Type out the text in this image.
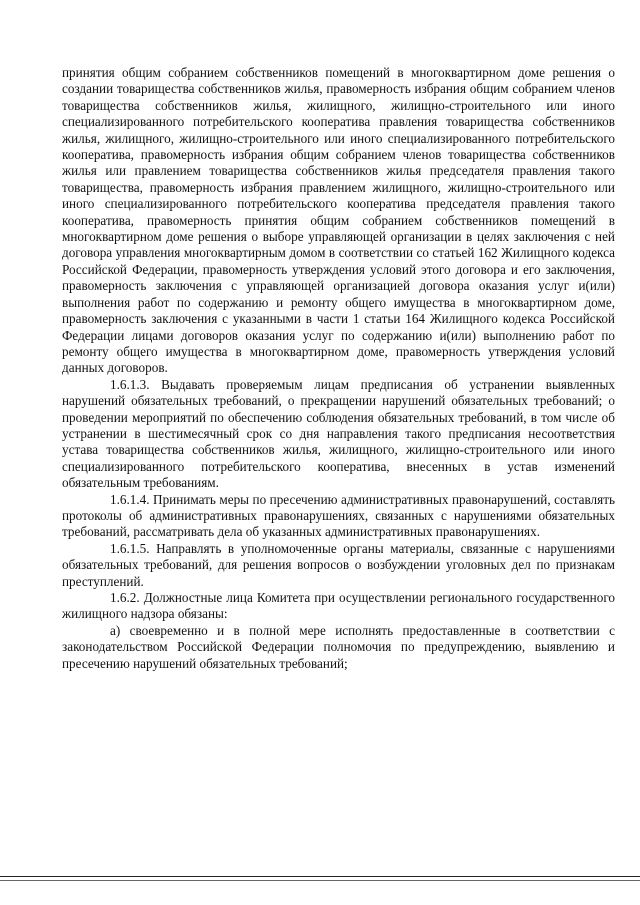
принятия общим собранием собственников помещений в многоквартирном доме решения о создании товарищества собственников жилья, правомерность избрания общим собранием членов товарищества собственников жилья, жилищного, жилищно-строительного или иного специализированного потребительского кооператива правления товарищества собственников жилья, жилищного, жилищно-строительного или иного специализированного потребительского кооператива, правомерность избрания общим собранием членов товарищества собственников жилья или правлением товарищества собственников жилья председателя правления такого товарищества, правомерность избрания правлением жилищного, жилищно-строительного или иного специализированного потребительского кооператива председателя правления такого кооператива, правомерность принятия общим собранием собственников помещений в многоквартирном доме решения о выборе управляющей организации в целях заключения с ней договора управления многоквартирным домом в соответствии со статьей 162 Жилищного кодекса Российской Федерации, правомерность утверждения условий этого договора и его заключения, правомерность заключения с управляющей организацией договора оказания услуг и(или) выполнения работ по содержанию и ремонту общего имущества в многоквартирном доме, правомерность заключения с указанными в части 1 статьи 164 Жилищного кодекса Российской Федерации лицами договоров оказания услуг по содержанию и(или) выполнению работ по ремонту общего имущества в многоквартирном доме, правомерность утверждения условий данных договоров.

1.6.1.3. Выдавать проверяемым лицам предписания об устранении выявленных нарушений обязательных требований, о прекращении нарушений обязательных требований; о проведении мероприятий по обеспечению соблюдения обязательных требований, в том числе об устранении в шестимесячный срок со дня направления такого предписания несоответствия устава товарищества собственников жилья, жилищного, жилищно-строительного или иного специализированного потребительского кооператива, внесенных в устав изменений обязательным требованиям.

1.6.1.4. Принимать меры по пресечению административных правонарушений, составлять протоколы об административных правонарушениях, связанных с нарушениями обязательных требований, рассматривать дела об указанных административных правонарушениях.

1.6.1.5. Направлять в уполномоченные органы материалы, связанные с нарушениями обязательных требований, для решения вопросов о возбуждении уголовных дел по признакам преступлений.

1.6.2. Должностные лица Комитета при осуществлении регионального государственного жилищного надзора обязаны:

а) своевременно и в полной мере исполнять предоставленные в соответствии с законодательством Российской Федерации полномочия по предупреждению, выявлению и пресечению нарушений обязательных требований;
